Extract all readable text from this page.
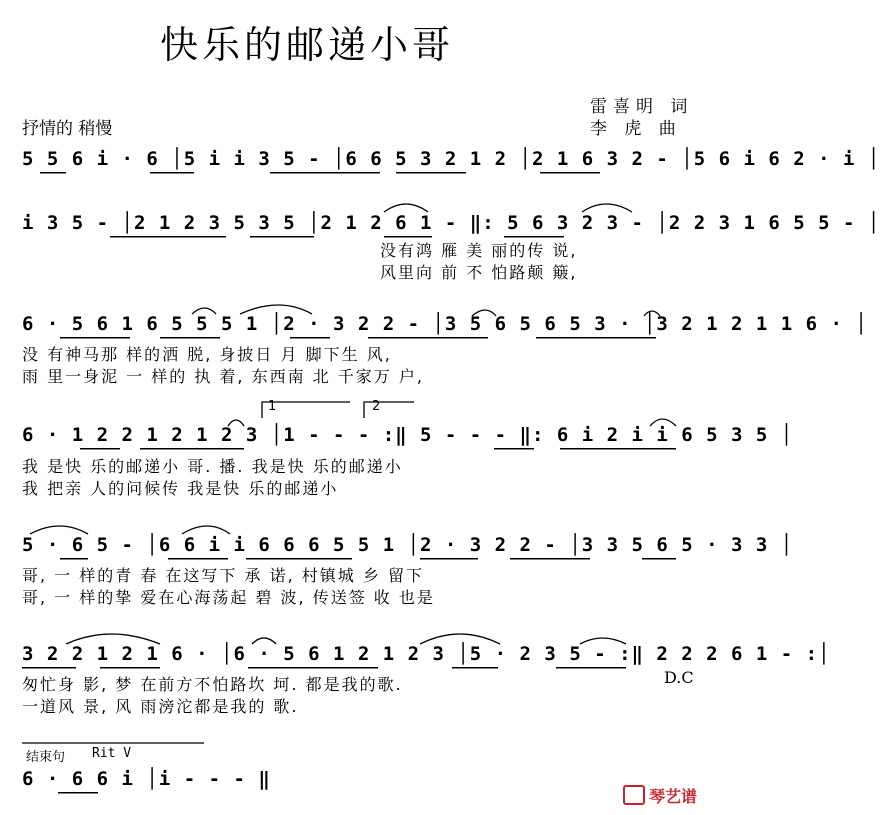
快乐的邮递小哥
雷喜明 词
李 虎 曲
抒情的 稍慢
5 5 6 i · 6 │5 i i 3 5 - │6 6 5 3 2 1 2 │2 1 6 3 2 - │5 6 i 6 2 · i │
i 3 5 - │2 1 2 3 5 3 5 │2 1 2 6 1 - ‖: 5 6 3 2 3 - │2 2 3 1 6 5 5 - │
没有鸿 雁 美 丽的传 说,
风里向 前 不 怕路颠 簸,
6 · 5 6 1 6 5 5 5 1 │2 · 3 2 2 - │3 5 6 5 6 5 3 · │3 2 1 2 1 1 6 · │
没 有神马那 样的洒 脱, 身披日 月 脚下生 风,
雨 里一身泥 一 样的 执 着, 东西南 北 千家万 户,
1	2
6 · 1 2 2 1 2 1 2 3 │1 - - - :‖ 5 - - - ‖: 6 i 2 i i 6 5 3 5 │
我 是快 乐的邮递小 哥. 播. 我是快 乐的邮递小
我 把亲 人的问候传 我是快 乐的邮递小
5 · 6 5 - │6 6 i i 6 6 6 5 5 1 │2 · 3 2 2 - │3 3 5 6 5 · 3 3 │
哥, 一 样的青 春 在这写下 承 诺, 村镇城 乡 留下
哥, 一 样的挚 爱在心海荡起 碧 波, 传送签 收 也是
3 2 2 1 2 1 6 · │6 · 5 6 1 2 1 2 3 │5 · 2 3 5 - :‖ 2 2 2 6 1 - :│
D.C
匆忙身 影, 梦 在前方不怕路坎 坷. 都是我的歌.
一道风 景, 风 雨滂沱都是我的 歌.
结束句 Rit V
6 · 6 6 i │i - - - ‖
琴艺谱
